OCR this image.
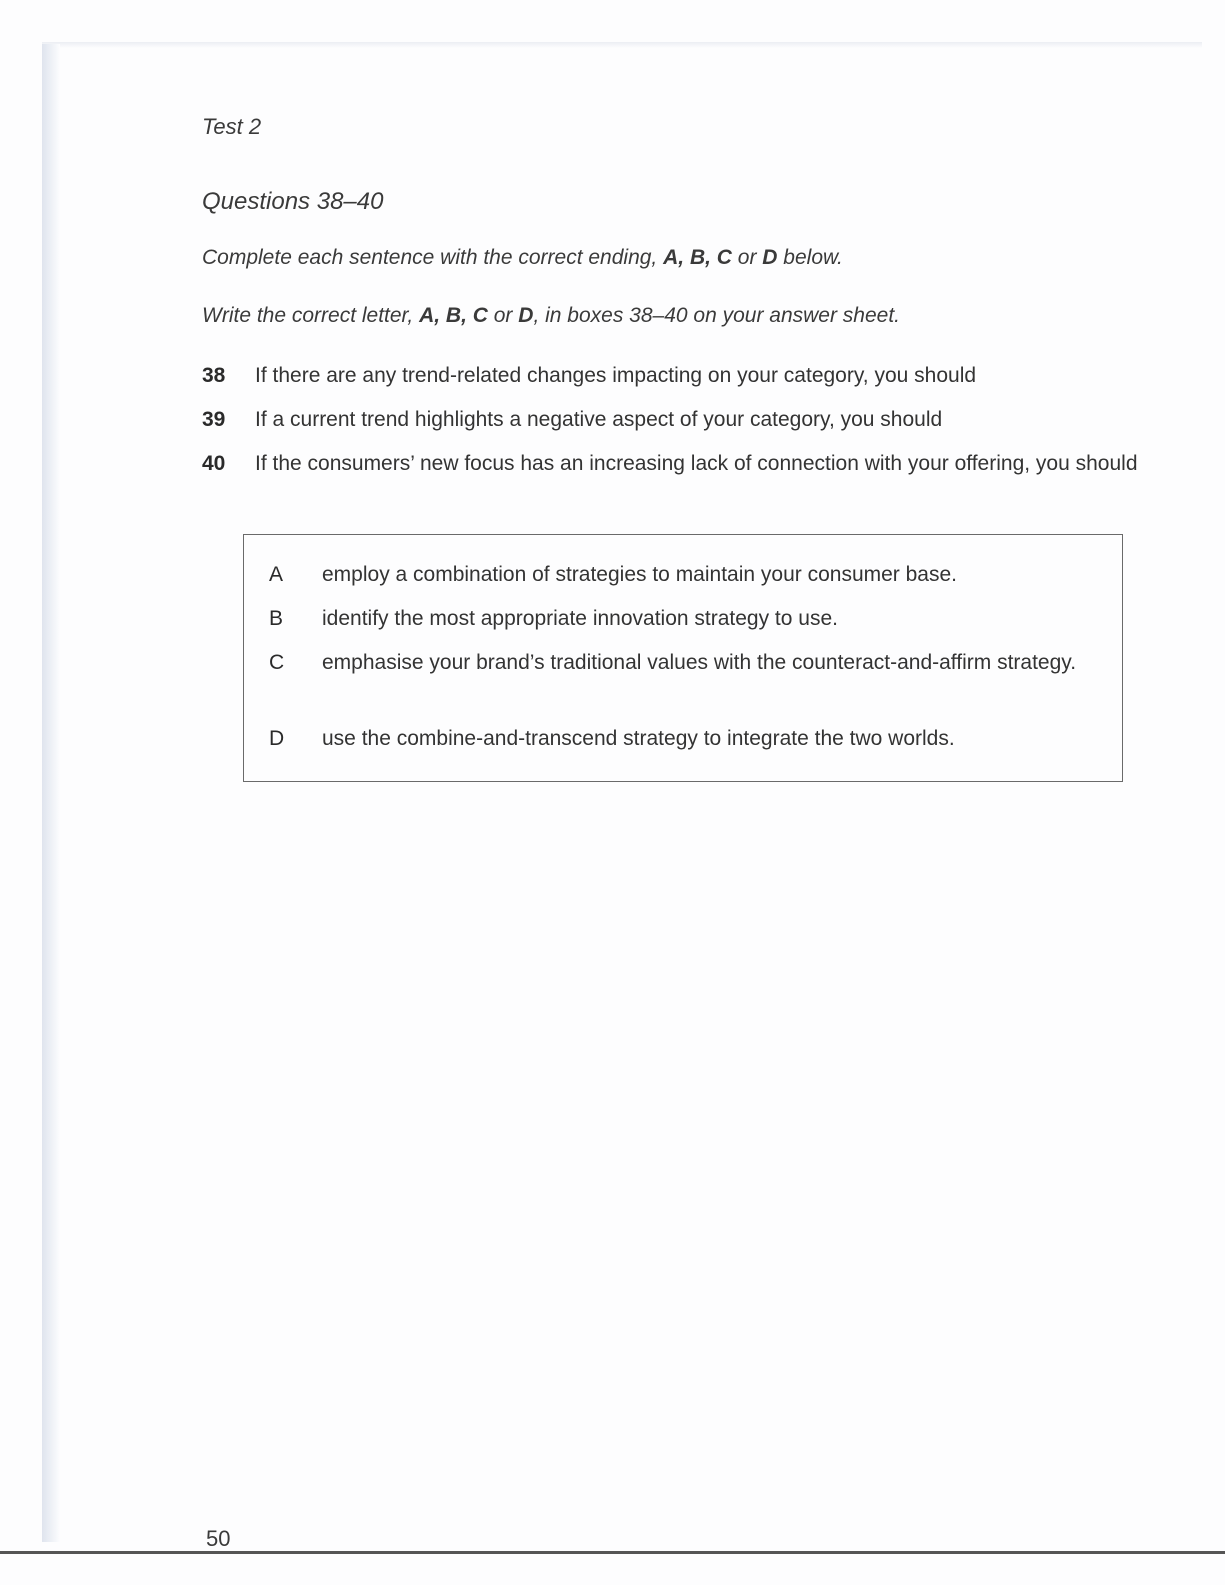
Test 2

Questions 38–40

Complete each sentence with the correct ending, A, B, C or D below.

Write the correct letter, A, B, C or D, in boxes 38–40 on your answer sheet.

38 If there are any trend-related changes impacting on your category, you should
39 If a current trend highlights a negative aspect of your category, you should
40 If the consumers’ new focus has an increasing lack of connection with your offering, you should
A employ a combination of strategies to maintain your consumer base.
B identify the most appropriate innovation strategy to use.
C emphasise your brand’s traditional values with the counteract-and-affirm strategy.
D use the combine-and-transcend strategy to integrate the two worlds.
50
